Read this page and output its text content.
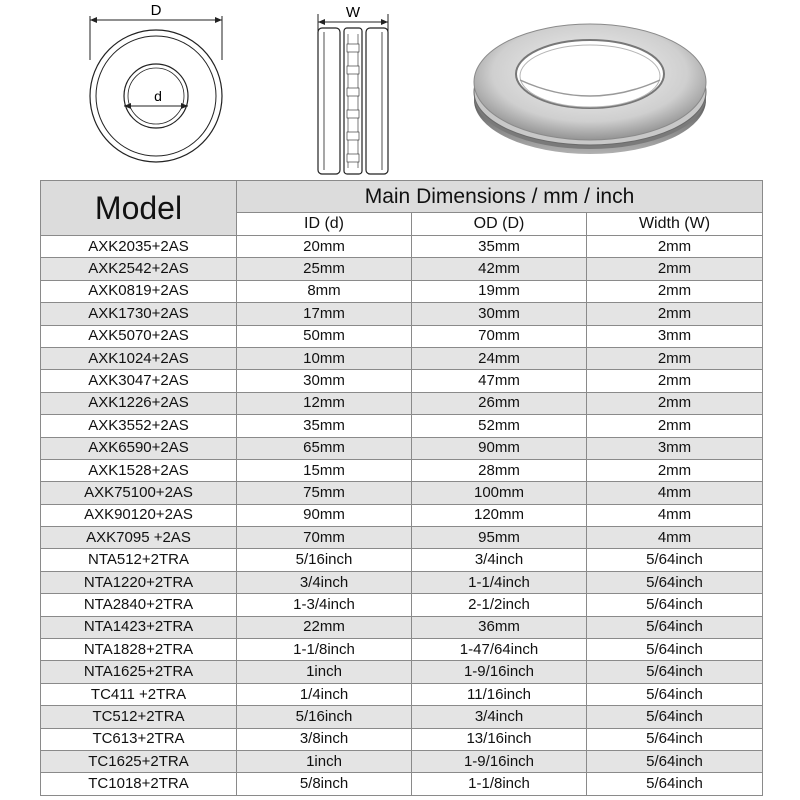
D
d
W
Model	Main Dimensions / mm / inch		
	ID (d)	OD (D)	Width (W)
AXK2035+2AS	20mm	35mm	2mm
AXK2542+2AS	25mm	42mm	2mm
AXK0819+2AS	8mm	19mm	2mm
AXK1730+2AS	17mm	30mm	2mm
AXK5070+2AS	50mm	70mm	3mm
AXK1024+2AS	10mm	24mm	2mm
AXK3047+2AS	30mm	47mm	2mm
AXK1226+2AS	12mm	26mm	2mm
AXK3552+2AS	35mm	52mm	2mm
AXK6590+2AS	65mm	90mm	3mm
AXK1528+2AS	15mm	28mm	2mm
AXK75100+2AS	75mm	100mm	4mm
AXK90120+2AS	90mm	120mm	4mm
AXK7095 +2AS	70mm	95mm	4mm
NTA512+2TRA	5/16inch	3/4inch	5/64inch
NTA1220+2TRA	3/4inch	1-1/4inch	5/64inch
NTA2840+2TRA	1-3/4inch	2-1/2inch	5/64inch
NTA1423+2TRA	22mm	36mm	5/64inch
NTA1828+2TRA	1-1/8inch	1-47/64inch	5/64inch
NTA1625+2TRA	1inch	1-9/16inch	5/64inch
TC411 +2TRA	1/4inch	11/16inch	5/64inch
TC512+2TRA	5/16inch	3/4inch	5/64inch
TC613+2TRA	3/8inch	13/16inch	5/64inch
TC1625+2TRA	1inch	1-9/16inch	5/64inch
TC1018+2TRA	5/8inch	1-1/8inch	5/64inch
